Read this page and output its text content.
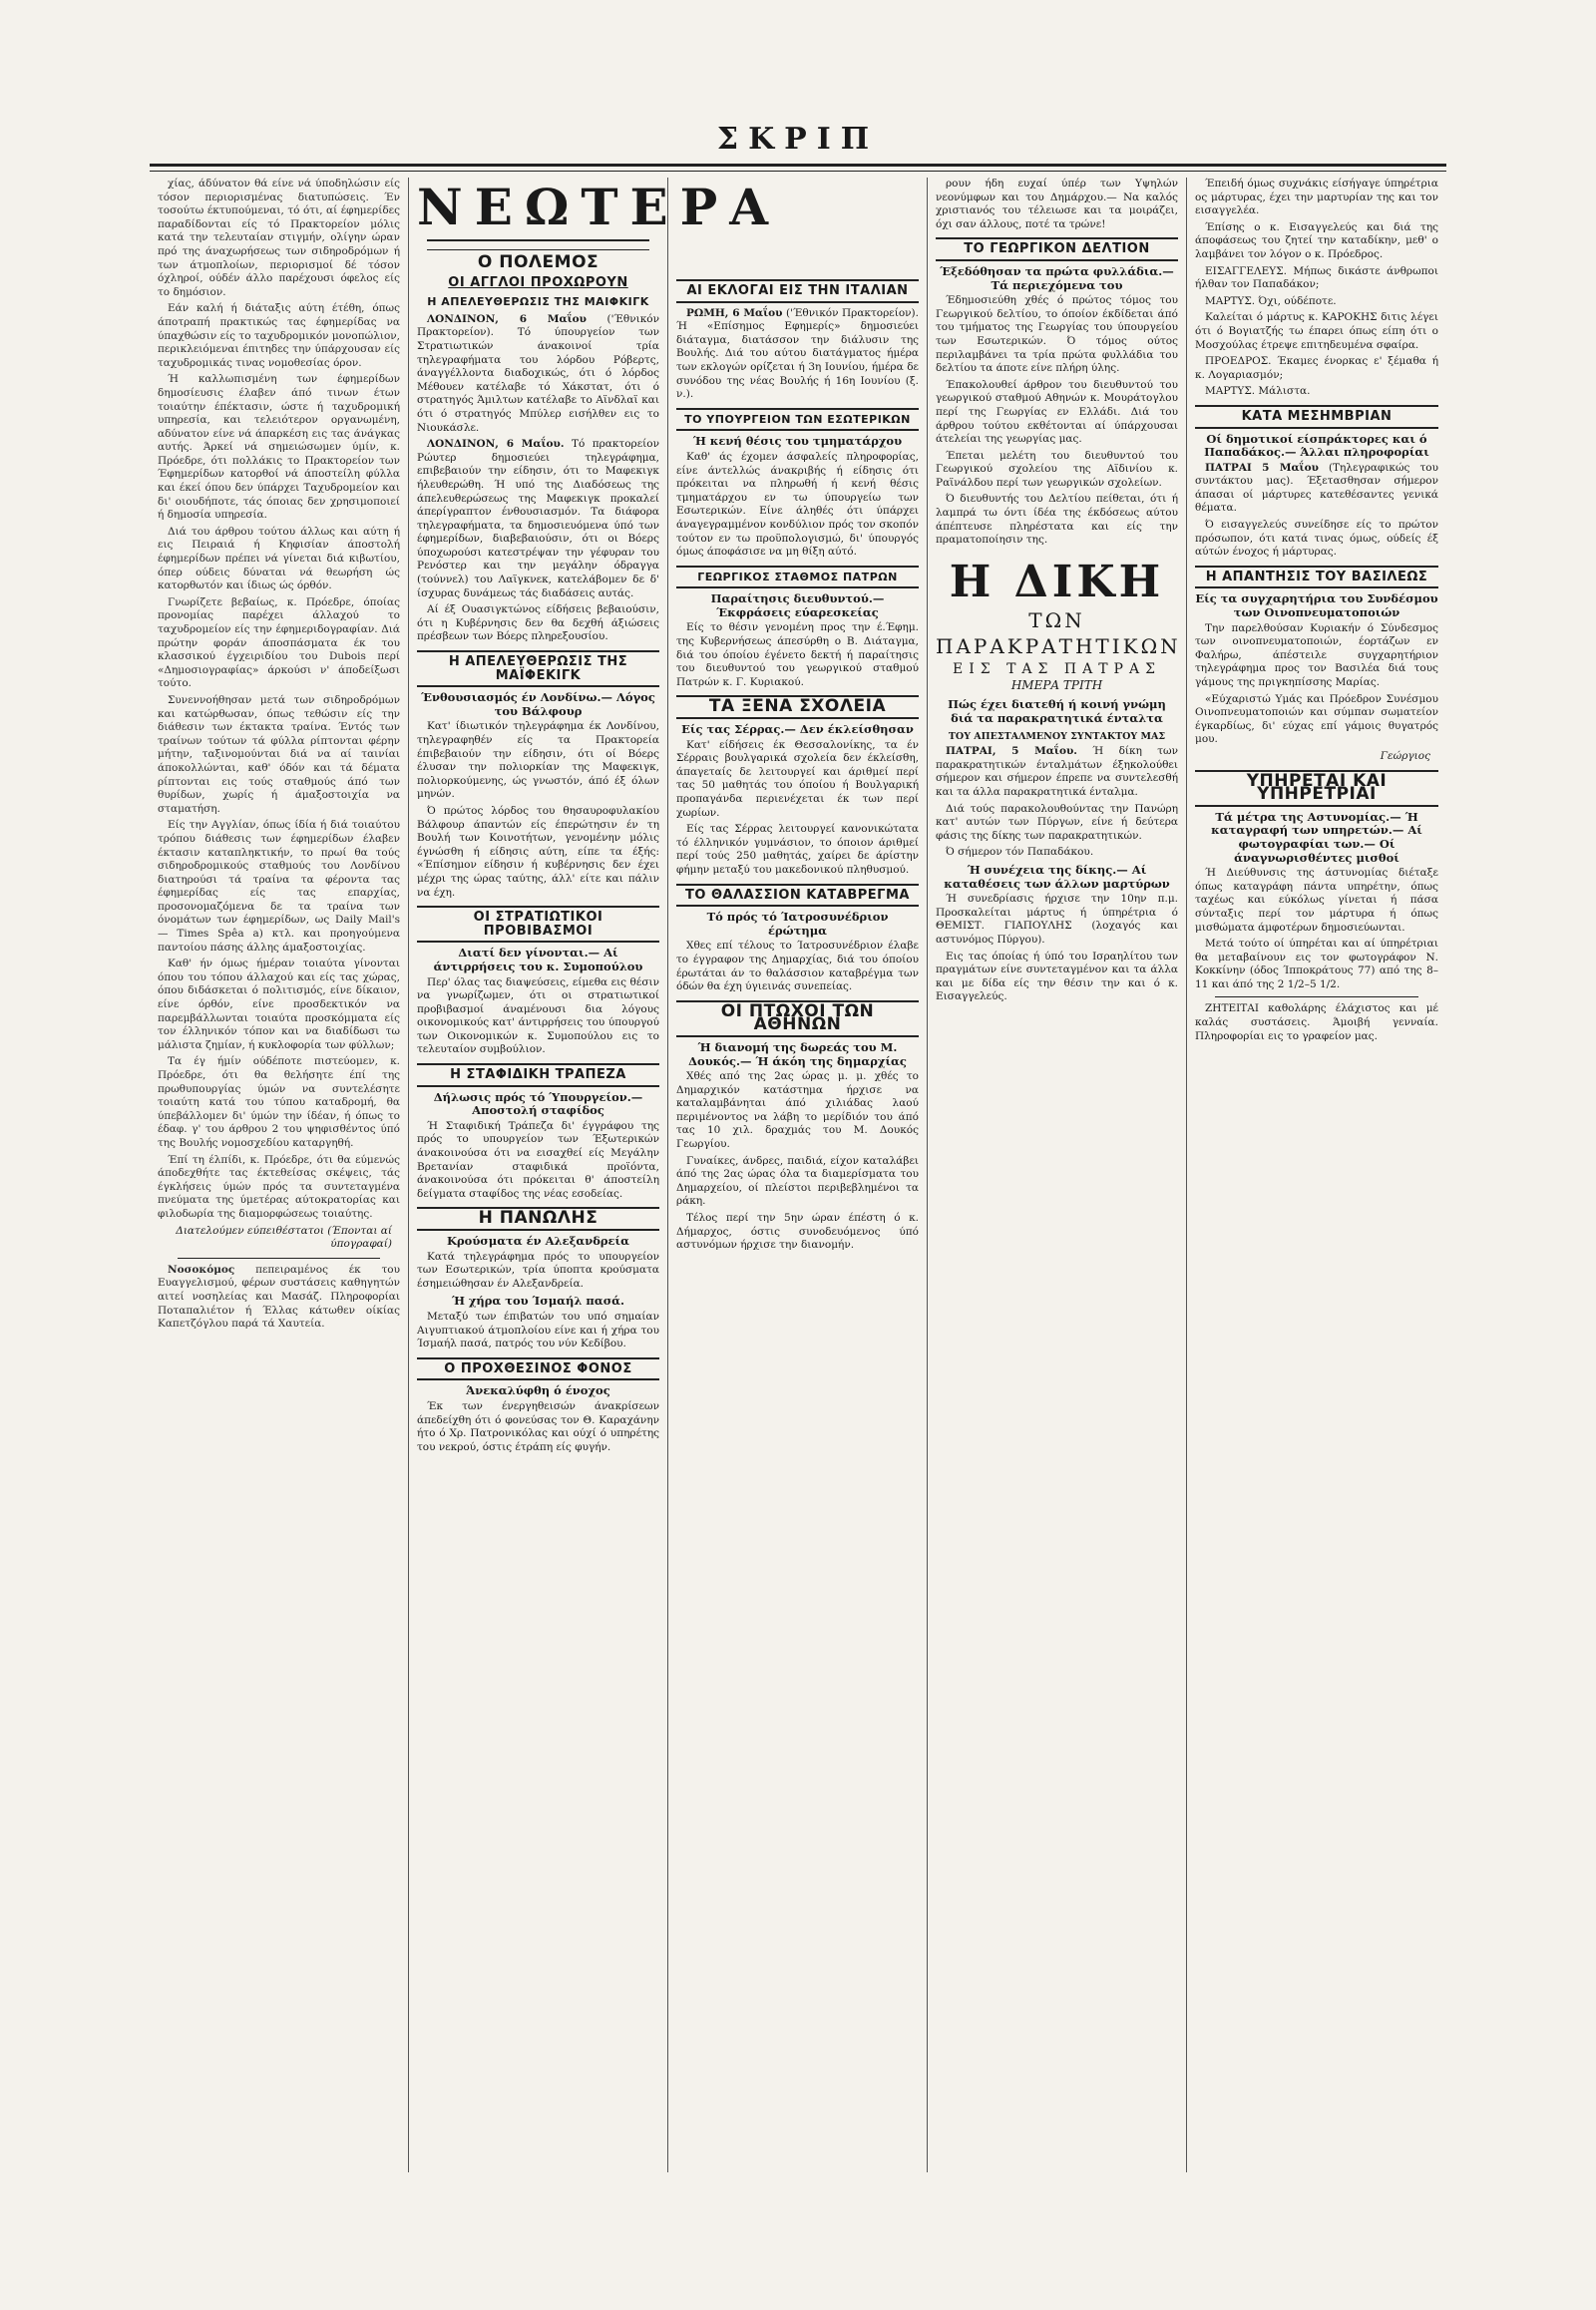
ΣΚΡΙΠ

χίας, άδύνατον θά είνε νά ύποδηλώσιν είς τόσον περιορισμένας διατυπώσεις. Έν τοσούτω έκτυπούμεναι, τό ότι, αί έφημερίδες παραδίδονται είς τό Πρακτορείον μόλις κατά την τελευταίαν στιγμήν, ολίγην ώραν πρό της άναχωρήσεως των σιδηροδρόμων ή των άτμοπλοίων, περιορισμοί δέ τόσον όχληροί, ούδέν άλλο παρέχουσι όφελος είς το δημόσιον.

Εάν καλή ή διάταξις αύτη έτέθη, όπως άποτραπή πρακτικώς τας έφημερίδας να ύπαχθώσιν είς το ταχυδρομικόν μονοπώλιον, περικλειόμεναι έπιτηδες την ύπάρχουσαν είς ταχυδρομικάς τινας νομοθεσίας όρον.

Ή καλλωπισμένη των έφημερίδων δημοσίευσις έλαβεν άπό τινων έτων τοιαύτην έπέκτασιν, ώστε ή ταχυδρομική υπηρεσία, και τελειότερον οργανωμένη, αδύνατον είνε νά άπαρκέση εις τας άνάγκας αυτής. Άρκεί νά σημειώσωμεν ύμίν, κ. Πρόεδρε, ότι πολλάκις το Πρακτορείον των Έφημερίδων κατορθοί νά άποστείλη φύλλα και έκεί όπου δεν ύπάρχει Ταχυδρομείον και δι' οιουδήποτε, τάς όποιας δεν χρησιμοποιεί ή δημοσία υπηρεσία.

Διά του άρθρου τούτου άλλως και αύτη ή εις Πειραιά ή Κηφισίαν άποστολή έφημερίδων πρέπει νά γίνεται διά κιβωτίου, όπερ ούδεις δύναται νά θεωρήση ώς κατορθωτόν και ίδιως ώς όρθόν.

Γνωρίζετε βεβαίως, κ. Πρόεδρε, όποίας προνομίας παρέχει άλλαχού το ταχυδρομείον είς την έφημεριδογραφίαν. Διά πρώτην φοράν άποσπάσματα έκ του κλασσικού έγχειριδίου του Dubois περί «Δημοσιογραφίας» άρκούσι ν' άποδείξωσι τούτο.

Συνεννοήθησαν μετά των σιδηροδρόμων και κατώρθωσαν, όπως τεθώσιν είς την διάθεσιν των έκτακτα τραίνα. Έντός των τραίνων τούτων τά φύλλα ρίπτονται φέρην μήτην, ταξινομούνται διά να αί ταινίαι άποκολλώνται, καθ' όδόν και τά δέματα ρίπτονται εις τούς σταθμούς άπό των θυρίδων, χωρίς ή άμαξοστοιχία να σταματήση.

Είς την Αγγλίαν, όπως ίδία ή διά τοιαύτου τρόπου διάθεσις των έφημερίδων έλαβεν έκτασιν καταπληκτικήν, το πρωί θα τούς σιδηροδρομικούς σταθμούς του Λονδίνου διατηρούσι τά τραίνα τα φέροντα τας έφημερίδας είς τας επαρχίας, προσονομαζόμενα δε τα τραίνα των όνομάτων των έφημερίδων, ως Daily Mail's — Times Spêa a) κτλ. και προηγούμενα παντοίου πάσης άλλης άμαξοστοιχίας.

Καθ' ήν όμως ήμέραν τοιαύτα γίνονται όπου του τόπου άλλαχού και είς τας χώρας, όπου διδάσκεται ό πολιτισμός, είνε δίκαιον, είνε όρθόν, είνε προσδεκτικόν να παρεμβάλλωνται τοιαύτα προσκόμματα είς τον έλληνικόν τόπον και να διαδίδωσι τω μάλιστα ζημίαν, ή κυκλοφορία των φύλλων;

Τα έγ ήμίν ούδέποτε πιστεύομεν, κ. Πρόεδρε, ότι θα θελήσητε έπί της πρωθυπουργίας ύμών να συντελέσητε τοιαύτη κατά του τύπου καταδρομή, θα ύπεβάλλομεν δι' ύμών την ίδέαν, ή όπως το έδαφ. γ' του άρθρου 2 του ψηφισθέντος ύπό της Βουλής νομοσχεδίου καταργηθή.

Έπί τη έλπίδι, κ. Πρόεδρε, ότι θα εύμενώς άποδεχθήτε τας έκτεθείσας σκέψεις, τάς έγκλήσεις ύμών πρός τα συντεταγμένα πνεύματα της ύμετέρας αύτοκρατορίας και φιλοδωρία της διαμορφώσεως τοιαύτης.

Διατελούμεν εύπειθέστατοι (Έπονται αί ύπογραφαί)

Νοσοκόμος πεπειραμένος έκ του Ευαγγελισμού, φέρων συστάσεις καθηγητών αιτεί νοσηλείας και Μασάζ. Πληροφορίαι Ποταπαλιέτον ή Έλλας κάτωθεν οίκίας Καπετζόγλου παρά τά Χαυτεία.

ΝΕΩΤΕΡΑ
Ο ΠΟΛΕΜΟΣ
ΟΙ ΑΓΓΛΟΙ ΠΡΟΧΩΡΟΥΝ
Η ΑΠΕΛΕΥΘΕΡΩΣΙΣ ΤΗΣ ΜΑΙΦΚΙΓΚ

ΛΟΝΔΙΝΟΝ, 6 Μαΐου ('Έθνικόν Πρακτορείον). Τό ύπουργείον των Στρατιωτικών άνακοινοί τρία τηλεγραφήματα του λόρδου Ρόβερτς, άναγγέλλοντα διαδοχικώς, ότι ό λόρδος Μέθουεν κατέλαβε τό Χάκστατ, ότι ό στρατηγός Άμιλτων κατέλαβε το Αϊνδλαϊ και ότι ό στρατηγός Μπύλερ εισήλθεν εις το Νιουκάσλε.

ΛΟΝΔΙΝΟΝ, 6 Μαΐου. Τό πρακτορείον Ρώυτερ δημοσιεύει τηλεγράφημα, επιβεβαιούν την είδησιν, ότι το Μαφεκιγκ ήλευθερώθη. Ή υπό της Διαδόσεως της άπελευθερώσεως της Μαφεκιγκ προκαλεί άπερίγραπτον ένθουσιασμόν. Τα διάφορα τηλεγραφήματα, τα δημοσιευόμενα ύπό των έφημερίδων, διαβεβαιούσιν, ότι οι Βόερς ύποχωρούσι κατεστρέψαν την γέφυραν του Ρενόστερ και την μεγάλην όδραγγα (τούννελ) του Λαϊγκνεκ, κατελάβομεν δε δ' ίσχυρας δυνάμεως τάς διαδάσεις αυτάς.

Αί έξ Ουασιγκτώνος είδήσεις βεβαιούσιν, ότι η Κυβέρνησις δεν θα δεχθή άξιώσεις πρέσβεων των Βόερς πληρεξουσίου.

Η ΑΠΕΛΕΥΘΕΡΩΣΙΣ ΤΗΣ ΜΑΪΦΕΚΙΓΚ
Ένθουσιασμός έν Λονδίνω.— Λόγος του Βάλφουρ

Κατ' ίδιωτικόν τηλεγράφημα έκ Λονδίνου, τηλεγραφηθέν είς τα Πρακτορεία έπιβεβαιούν την είδησιν, ότι οί Βόερς έλυσαν την πολιορκίαν της Μαφεκιγκ, πολιορκούμενης, ώς γνωστόν, άπό έξ όλων μηνών.

Ό πρώτος λόρδος του θησαυροφυλακίου Βάλφουρ άπαντών είς έπερώτησιν έν τη Βουλή των Κοινοτήτων, γενομένην μόλις έγνώσθη ή είδησις αύτη, είπε τα έξής: «Έπίσημον είδησιν ή κυβέρνησις δεν έχει μέχρι της ώρας ταύτης, άλλ' είτε και πάλιν να έχη.

ΟΙ ΣΤΡΑΤΙΩΤΙΚΟΙ ΠΡΟΒΙΒΑΣΜΟΙ
Διατί δεν γίνονται.— Αί άντιρρήσεις του κ. Συμοπούλου

Περ' όλας τας διαψεύσεις, είμεθα εις θέσιν να γνωρίζωμεν, ότι οι στρατιωτικοί προβιβασμοί άναμένουσι δια λόγους οικονομικούς κατ' άντιρρήσεις του ύπουργού των Οικονομικών κ. Συμοπούλου εις το τελευταίον συμβούλιον.

Η ΣΤΑΦΙΔΙΚΗ ΤΡΑΠΕΖΑ
Δήλωσις πρός τό Ύπουργείον.— Αποστολή σταφίδος

Ή Σταφιδική Τράπεζα δι' έγγράφου της πρός το υπουργείον των Έξωτερικών άνακοινούσα ότι να εισαχθεί είς Μεγάλην Βρετανίαν σταφιδικά προϊόντα, άνακοινούσα ότι πρόκειται θ' άποστείλη δείγματα σταφίδος της νέας εσοδείας.

Η ΠΑΝΩΛΗΣ
Κρούσματα έν Αλεξανδρεία

Κατά τηλεγράφημα πρός το υπουργείον των Εσωτερικών, τρία ύποπτα κρούσματα έσημειώθησαν έν Αλεξανδρεία.

Ή χήρα του Ίσμαήλ πασά.

Μεταξύ των έπιβατών του υπό σημαίαν Αιγυπτιακού άτμοπλοίου είνε και ή χήρα του Ίσμαήλ πασά, πατρός του νύν Κεδίβου.

Ο ΠΡΟΧΘΕΣΙΝΟΣ ΦΟΝΟΣ
Άνεκαλύφθη ό ένοχος

Έκ των ένεργηθεισών άνακρίσεων άπεδείχθη ότι ό φονεύσας τον Θ. Καραχάνην ήτο ό Χρ. Πατρονικόλας και ούχί ό υπηρέτης του νεκρού, όστις έτράπη είς φυγήν.

ΑΙ ΕΚΛΟΓΑΙ ΕΙΣ ΤΗΝ ΙΤΑΛΙΑΝ

ΡΩΜΗ, 6 Μαΐου ('Έθνικόν Πρακτορείον). Ή «Επίσημος Εφημερίς» δημοσιεύει διάταγμα, διατάσσον την διάλυσιν της Βουλής. Διά του αύτου διατάγματος ήμέρα των εκλογών ορίζεται ή 3η Ιουνίου, ήμέρα δε συνόδου της νέας Βουλής ή 16η Ιουνίου (ξ. ν.).

ΤΟ ΥΠΟΥΡΓΕΙΟΝ ΤΩΝ ΕΣΩΤΕΡΙΚΩΝ
Ή κενή θέσις του τμηματάρχου

Καθ' άς έχομεν άσφαλείς πληροφορίας, είνε άντελλώς άνακριβής ή είδησις ότι πρόκειται να πληρωθή ή κενή θέσις τμηματάρχου εν τω ύπουργείω των Εσωτερικών. Είνε άληθές ότι ύπάρχει άναγεγραμμένον κονδύλιον πρός τον σκοπόν τούτον εν τω προϋπολογισμώ, δι' ύπουργός όμως άποφάσισε να μη θίξη αύτό.

ΓΕΩΡΓΙΚΟΣ ΣΤΑΘΜΟΣ ΠΑΤΡΩΝ
Παραίτησις διευθυντού.—Έκφράσεις εύαρεσκείας

Είς το θέσιν γενομένη προς την έ.Έφημ. της Κυβερνήσεως άπεσύρθη ο Β. Διάταγμα, διά του όποίου έγένετο δεκτή ή παραίτησις του διευθυντού του γεωργικού σταθμού Πατρών κ. Γ. Κυριακού.

ΤΑ ΞΕΝΑ ΣΧΟΛΕΙΑ
Είς τας Σέρρας.— Δεν έκλείσθησαν

Κατ' είδήσεις έκ Θεσσαλονίκης, τα έν Σέρραις βουλγαρικά σχολεία δεν έκλείσθη, άπαγεταίς δε λειτουργεί και άριθμεί περί τας 50 μαθητάς του όποίου ή Βουλγαρική προπαγάνδα περιενέχεται έκ των περί χωρίων.

Είς τας Σέρρας λειτουργεί κανονικώτατα τό έλληνικόν γυμνάσιον, το όποιον άριθμεί περί τούς 250 μαθητάς, χαίρει δε άρίστην φήμην μεταξύ του μακεδονικού πληθυσμού.

ΤΟ ΘΑΛΑΣΣΙΟΝ ΚΑΤΑΒΡΕΓΜΑ
Τό πρός τό Ίατροσυνέδριον έρώτημα

Χθες επί τέλους το Ίατροσυνέδριον έλαβε το έγγραφον της Δημαρχίας, διά του όποίου έρωτάται άν το θαλάσσιον καταβρέγμα των όδών θα έχη ύγιεινάς συνεπείας.

ΟΙ ΠΤΩΧΟΙ ΤΩΝ ΑΘΗΝΩΝ
Ή διανομή της δωρεάς του Μ. Δουκός.— Ή άκόη της δημαρχίας

Χθές από της 2ας ώρας μ. μ. χθές το Δημαρχικόν κατάστημα ήρχισε να καταλαμβάνηται άπό χιλιάδας λαού περιμένοντος να λάβη το μερίδιόν του άπό τας 10 χιλ. δραχμάς του Μ. Δουκός Γεωργίου.

Γυναίκες, άνδρες, παιδιά, είχον καταλάβει άπό της 2ας ώρας όλα τα διαμερίσματα του Δημαρχείου, οί πλείστοι περιβεβλημένοι τα ράκη.

Τέλος περί την 5ην ώραν έπέστη ό κ. Δήμαρχος, όστις συνοδευόμενος ύπό αστυνόμων ήρχισε την διανομήν.

ρουν ήδη ευχαί ύπέρ των Υψηλών νεονύμφων και του Δημάρχου.— Να καλός χριστιανός του τέλειωσε και τα μοιράζει, όχι σαν άλλους, ποτέ τα τρώνε!

ΤΟ ΓΕΩΡΓΙΚΟΝ ΔΕΛΤΙΟΝ
Έξεδόθησαν τα πρώτα φυλλάδια.— Τά περιεχόμενα του

Έδημοσιεύθη χθές ό πρώτος τόμος του Γεωργικού δελτίου, το όποίον έκδίδεται άπό του τμήματος της Γεωργίας του ύπουργείου των Εσωτερικών. Ό τόμος ούτος περιλαμβάνει τα τρία πρώτα φυλλάδια του δελτίου τα άποτε είνε πλήρη ύλης.

Έπακολουθεί άρθρον του διευθυντού του γεωργικού σταθμού Αθηνών κ. Μουράτογλου περί της Γεωργίας εν Ελλάδι. Διά του άρθρου τούτου εκθέτονται αί ύπάρχουσαι άτελείαι της γεωργίας μας.

Έπεται μελέτη του διευθυντού του Γεωργικού σχολείου της Αϊδινίου κ. Ραϊνάλδου περί των γεωργικών σχολείων.

Ό διευθυντής του Δελτίου πείθεται, ότι ή λαμπρά τω όντι ίδέα της έκδόσεως αύτου άπέπτευσε πληρέστατα και είς την πραματοποίησιν της.

Η ΔΙΚΗ
ΤΩΝ ΠΑΡΑΚΡΑΤΗΤΙΚΩΝ
ΕΙΣ ΤΑΣ ΠΑΤΡΑΣ
ΗΜΕΡΑ ΤΡΙΤΗ
Πώς έχει διατεθή ή κοινή γνώμη διά τα παρακρατητικά ένταλτα
ΤΟΥ ΑΠΕΣΤΑΛΜΕΝΟΥ ΣΥΝΤΑΚΤΟΥ ΜΑΣ

ΠΑΤΡΑΙ, 5 Μαΐου. Ή δίκη των παρακρατητικών ένταλμάτων έξηκολούθει σήμερον και σήμερον έπρεπε να συντελεσθή και τα άλλα παρακρατητικά ένταλμα.

Διά τούς παρακολουθούντας την Πανώρη κατ' αυτών των Πύργων, είνε ή δεύτερα φάσις της δίκης των παρακρατητικών.

Ό σήμερον τόν Παπαδάκου.

Ή συνέχεια της δίκης.— Αί καταθέσεις των άλλων μαρτύρων

Ή συνεδρίασις ήρχισε την 10ην π.μ. Προσκαλείται μάρτυς ή ύπηρέτρια ό ΘΕΜΙΣΤ. ΓΙΑΠΟΥΛΗΣ (λοχαγός και αστυνόμος Πύργου).

Εις τας όποίας ή ύπό του Ισραηλίτου των πραγμάτων είνε συντεταγμένον και τα άλλα και με δίδα είς την θέσιν την και ό κ. Εισαγγελεύς.

Έπειδή όμως συχνάκις είσήγαγε ύπηρέτρια ος μάρτυρας, έχει την μαρτυρίαν της και τον εισαγγελέα.

Έπίσης ο κ. Εισαγγελεύς και διά της άποφάσεως του ζητεί την καταδίκην, μεθ' ο λαμβάνει τον λόγον ο κ. Πρόεδρος.

ΕΙΣΑΓΓΕΛΕΥΣ. Μήπως δικάστε άνθρωποι ήλθαν τον Παπαδάκον;

ΜΑΡΤΥΣ. Όχι, ούδέποτε.

Καλείται ό μάρτυς κ. ΚΑΡΟΚΗΣ διτις λέγει ότι ό Βογιατζής τω έπαρει όπως είπη ότι ο Μοσχούλας έτρεψε επιτηδευμένα σφαίρα.

ΠΡΟΕΔΡΟΣ. Έκαμες ένορκας ε' ξέμαθα ή κ. Λογαριασμόν;

ΜΑΡΤΥΣ. Μάλιστα.

ΚΑΤΑ ΜΕΣΗΜΒΡΙΑΝ
Οί δημοτικοί είσπράκτορες και ό Παπαδάκος.— Άλλαι πληροφορίαι

ΠΑΤΡΑΙ 5 Μαΐου (Τηλεγραφικώς του συντάκτου μας). Έξετασθησαν σήμερον άπασαι οί μάρτυρες κατεθέσαντες γενικά θέματα.

Ό εισαγγελεύς συνείδησε είς το πρώτον πρόσωπον, ότι κατά τινας όμως, ούδείς έξ αύτών ένοχος ή μάρτυρας.

Η ΑΠΑΝΤΗΣΙΣ ΤΟΥ ΒΑΣΙΛΕΩΣ
Είς τα συγχαρητήρια του Συνδέσμου των Οινοπνευματοποιών

Την παρελθούσαν Κυριακήν ό Σύνδεσμος των οινοπνευματοποιών, έορτάζων εν Φαλήρω, άπέστειλε συγχαρητήριον τηλεγράφημα προς τον Βασιλέα διά τους γάμους της πριγκηπίσσης Μαρίας.

«Εύχαριστώ Υμάς και Πρόεδρον Συνέσμου Οινοπνευματοποιών και σύμπαν σωματείον έγκαρδίως, δι' εύχας επί γάμοις θυγατρός μου.

Γεώργιος
ΥΠΗΡΕΤΑΙ ΚΑΙ ΥΠΗΡΕΤΡΙΑΙ
Τά μέτρα της Αστυνομίας.— Ή καταγραφή των υπηρετών.— Αί φωτογραφίαι των.— Οί άναγνωρισθέντες μισθοί

Ή Διεύθυνσις της άστυνομίας διέταξε όπως καταγράφη πάντα υπηρέτην, όπως ταχέως και εύκόλως γίνεται ή πάσα σύνταξις περί τον μάρτυρα ή όπως μισθώματα άμφοτέρων δημοσιεύωνται.

Μετά τούτο οί ύπηρέται και αί ύπηρέτριαι θα μεταβαίνουν εις τον φωτογράφον Ν. Κοκκίνην (όδος Ίπποκράτους 77) από της 8–11 και άπό της 2 1/2–5 1/2.

ΖΗΤΕΙΤΑΙ καθολάρης έλάχιστος και μέ καλάς συστάσεις. Άμοιβή γενναία. Πληροφορίαι εις το γραφείον μας.
